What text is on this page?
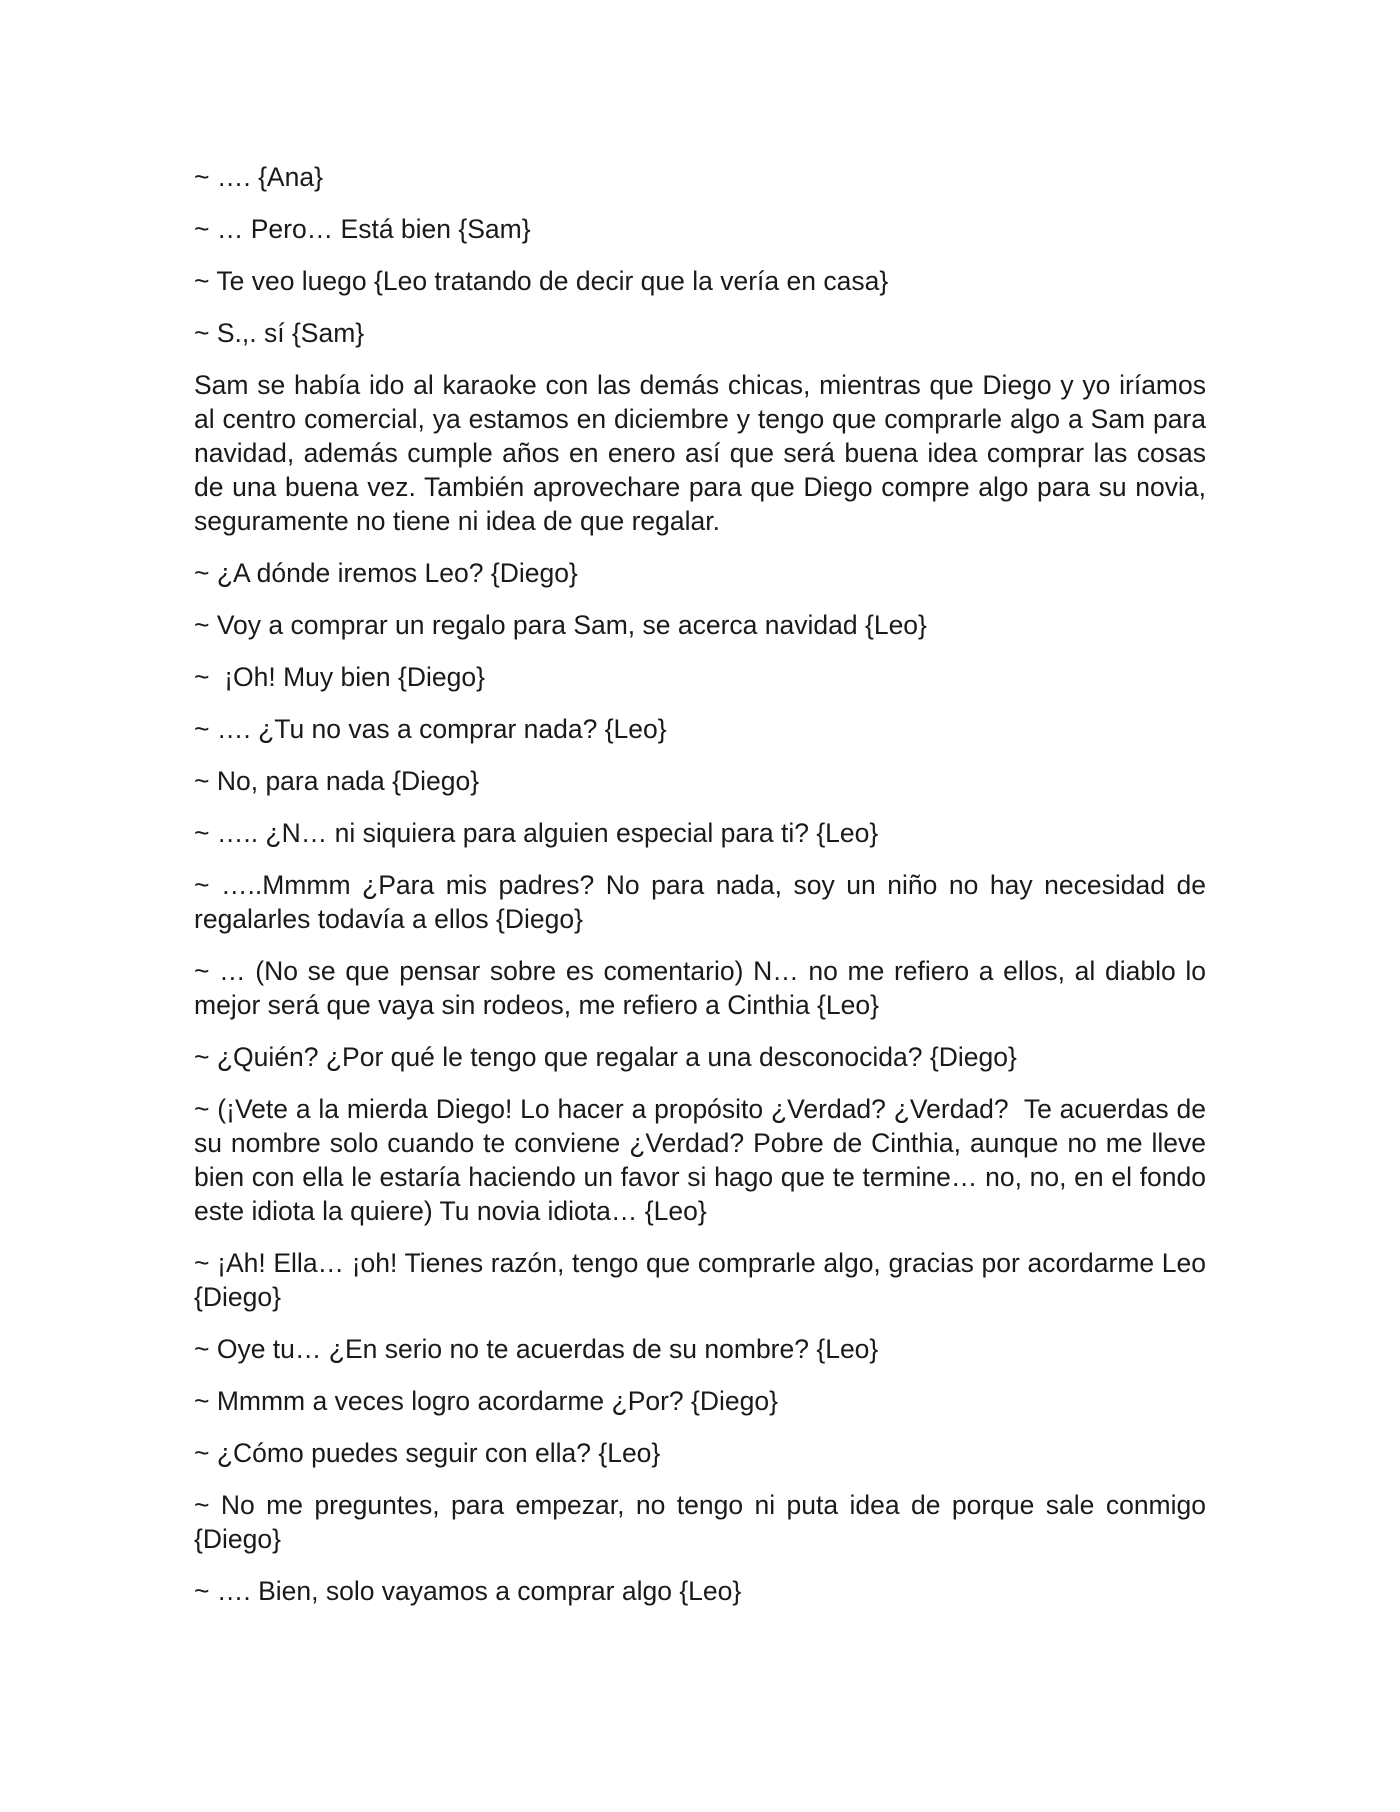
~ …. {Ana}

~ … Pero… Está bien {Sam}

~ Te veo luego {Leo tratando de decir que la vería en casa}

~ S.,. sí {Sam}

Sam se había ido al karaoke con las demás chicas, mientras que Diego y yo iríamos al centro comercial, ya estamos en diciembre y tengo que comprarle algo a Sam para navidad, además cumple años en enero así que será buena idea comprar las cosas de una buena vez. También aprovechare para que Diego compre algo para su novia, seguramente no tiene ni idea de que regalar.

~ ¿A dónde iremos Leo? {Diego}

~ Voy a comprar un regalo para Sam, se acerca navidad {Leo}

~  ¡Oh! Muy bien {Diego}

~ …. ¿Tu no vas a comprar nada? {Leo}

~ No, para nada {Diego}

~ ….. ¿N… ni siquiera para alguien especial para ti? {Leo}

~ …..Mmmm ¿Para mis padres? No para nada, soy un niño no hay necesidad de regalarles todavía a ellos {Diego}

~ … (No se que pensar sobre es comentario) N… no me refiero a ellos, al diablo lo mejor será que vaya sin rodeos, me refiero a Cinthia {Leo}

~ ¿Quién? ¿Por qué le tengo que regalar a una desconocida? {Diego}

~ (¡Vete a la mierda Diego! Lo hacer a propósito ¿Verdad? ¿Verdad?  Te acuerdas de su nombre solo cuando te conviene ¿Verdad? Pobre de Cinthia, aunque no me lleve bien con ella le estaría haciendo un favor si hago que te termine… no, no, en el fondo este idiota la quiere) Tu novia idiota… {Leo}

~ ¡Ah! Ella… ¡oh! Tienes razón, tengo que comprarle algo, gracias por acordarme Leo {Diego}

~ Oye tu… ¿En serio no te acuerdas de su nombre? {Leo}

~ Mmmm a veces logro acordarme ¿Por? {Diego}

~ ¿Cómo puedes seguir con ella? {Leo}

~ No me preguntes, para empezar, no tengo ni puta idea de porque sale conmigo {Diego}

~ …. Bien, solo vayamos a comprar algo {Leo}
